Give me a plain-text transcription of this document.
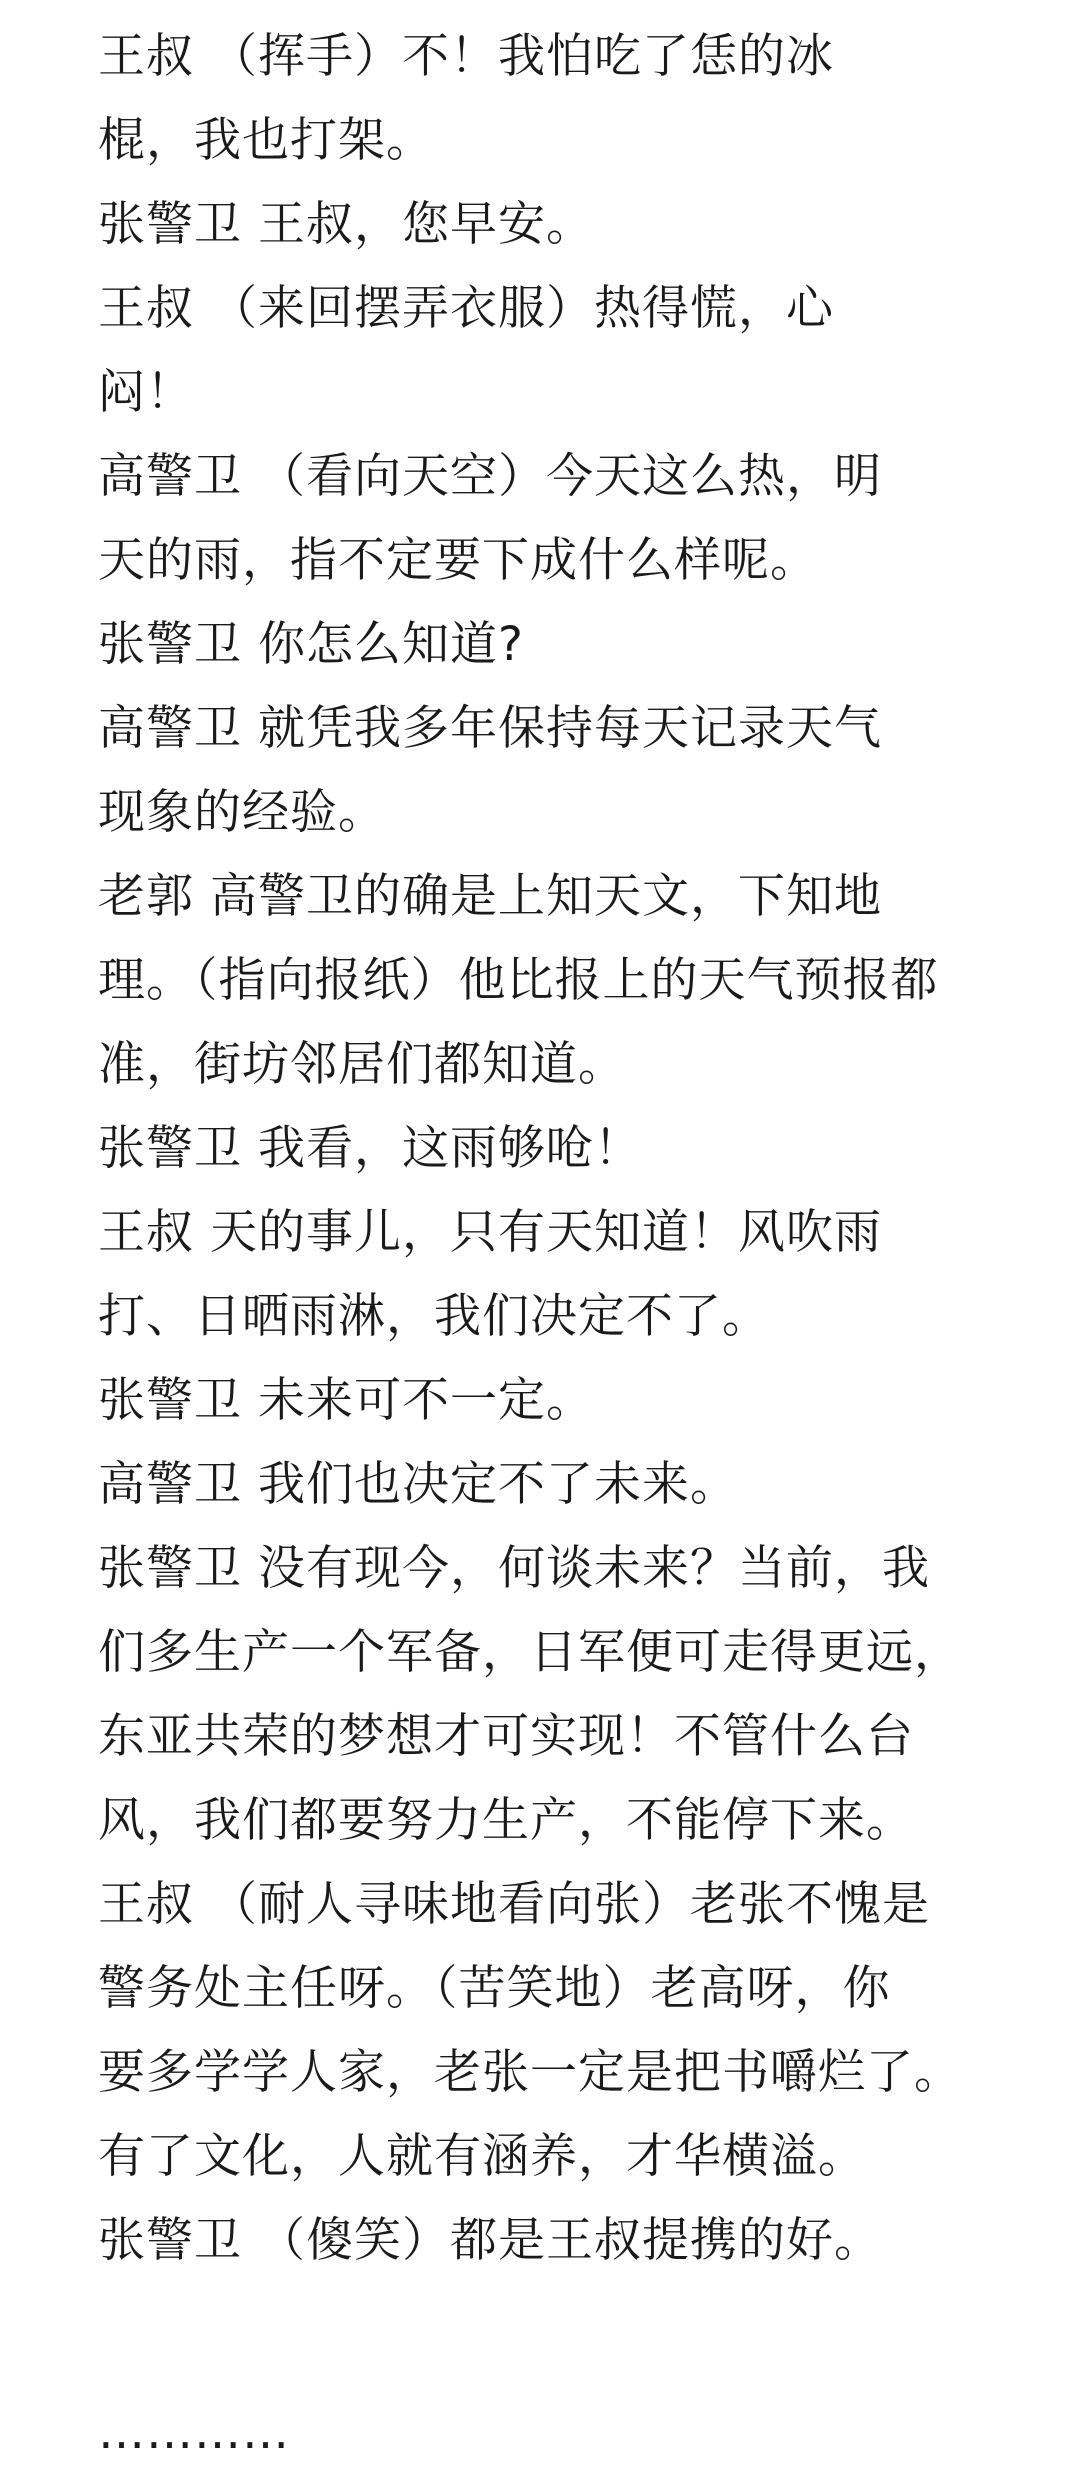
王叔 （挥手）不！我怕吃了恁的冰
棍，我也打架。
张警卫 王叔，您早安。
王叔 （来回摆弄衣服）热得慌，心
闷！
高警卫 （看向天空）今天这么热，明
天的雨，指不定要下成什么样呢。
张警卫 你怎么知道?
高警卫 就凭我多年保持每天记录天气
现象的经验。
老郭 高警卫的确是上知天文，下知地
理。（指向报纸）他比报上的天气预报都
准，街坊邻居们都知道。
张警卫 我看，这雨够呛！
王叔 天的事儿，只有天知道！风吹雨
打、日晒雨淋，我们决定不了。
张警卫 未来可不一定。
高警卫 我们也决定不了未来。
张警卫 没有现今，何谈未来？当前，我
们多生产一个军备，日军便可走得更远，
东亚共荣的梦想才可实现！不管什么台
风，我们都要努力生产，不能停下来。
王叔 （耐人寻味地看向张）老张不愧是
警务处主任呀。（苦笑地）老高呀，你
要多学学人家，老张一定是把书嚼烂了。
有了文化，人就有涵养，才华横溢。
张警卫 （傻笑）都是王叔提携的好。
…………
